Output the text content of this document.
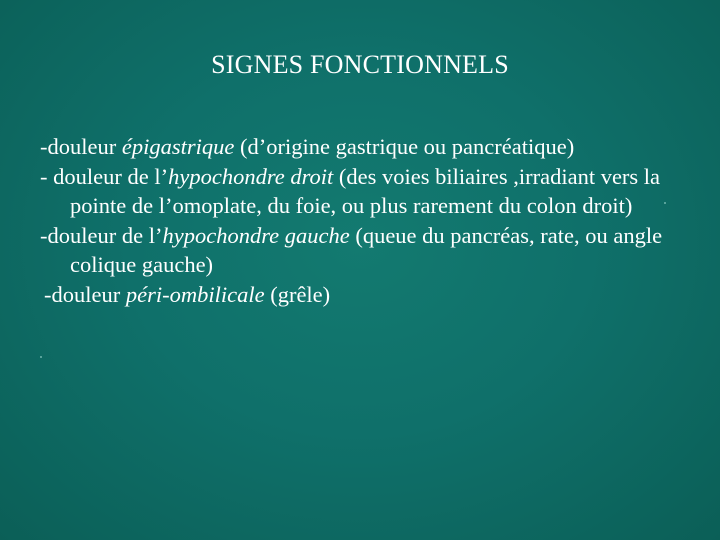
SIGNES FONCTIONNELS

-douleur épigastrique (d’origine gastrique ou pancréatique)

- douleur de l’hypochondre droit (des voies biliaires ,irradiant vers la pointe de l’omoplate, du foie, ou plus rarement du colon droit)

-douleur de l’hypochondre gauche (queue du pancréas, rate, ou angle colique gauche)

-douleur péri-ombilicale (grêle)
